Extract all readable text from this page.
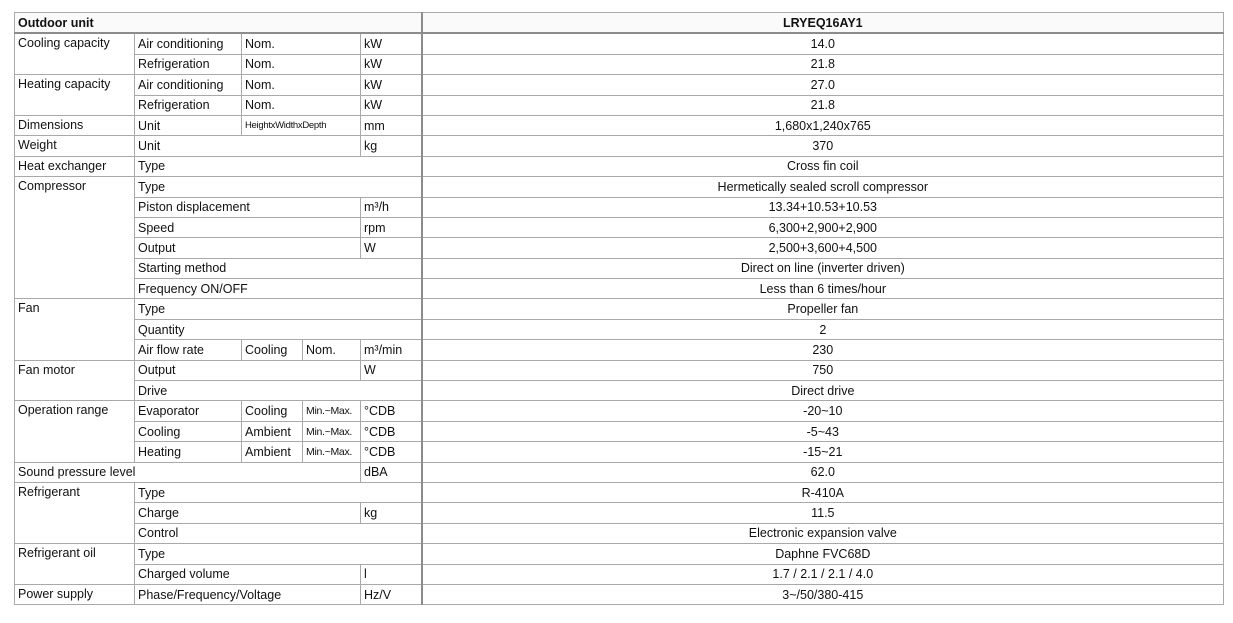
Outdoor unit					LRYEQ16AY1
Cooling capacity	Air conditioning	Nom.		kW	14.0
	Refrigeration	Nom.		kW	21.8
Heating capacity	Air conditioning	Nom.		kW	27.0
	Refrigeration	Nom.		kW	21.8
Dimensions	Unit	HeightxWidthxDepth		mm	1,680x1,240x765
Weight	Unit			kg	370
Heat exchanger	Type				Cross fin coil
Compressor	Type				Hermetically sealed scroll compressor
	Piston displacement			m³/h	13.34+10.53+10.53
	Speed			rpm	6,300+2,900+2,900
	Output			W	2,500+3,600+4,500
	Starting method				Direct on line (inverter driven)
	Frequency ON/OFF				Less than 6 times/hour
Fan	Type				Propeller fan
	Quantity				2
	Air flow rate	Cooling	Nom.	m³/min	230
Fan motor	Output			W	750
	Drive				Direct drive
Operation range	Evaporator	Cooling	Min.~Max.	°CDB	-20~10
	Cooling	Ambient	Min.~Max.	°CDB	-5~43
	Heating	Ambient	Min.~Max.	°CDB	-15~21
Sound pressure level				dBA	62.0
Refrigerant	Type				R-410A
	Charge			kg	11.5
	Control				Electronic expansion valve
Refrigerant oil	Type				Daphne FVC68D
	Charged volume			l	1.7 / 2.1 / 2.1 / 4.0
Power supply	Phase/Frequency/Voltage			Hz/V	3~/50/380-415
